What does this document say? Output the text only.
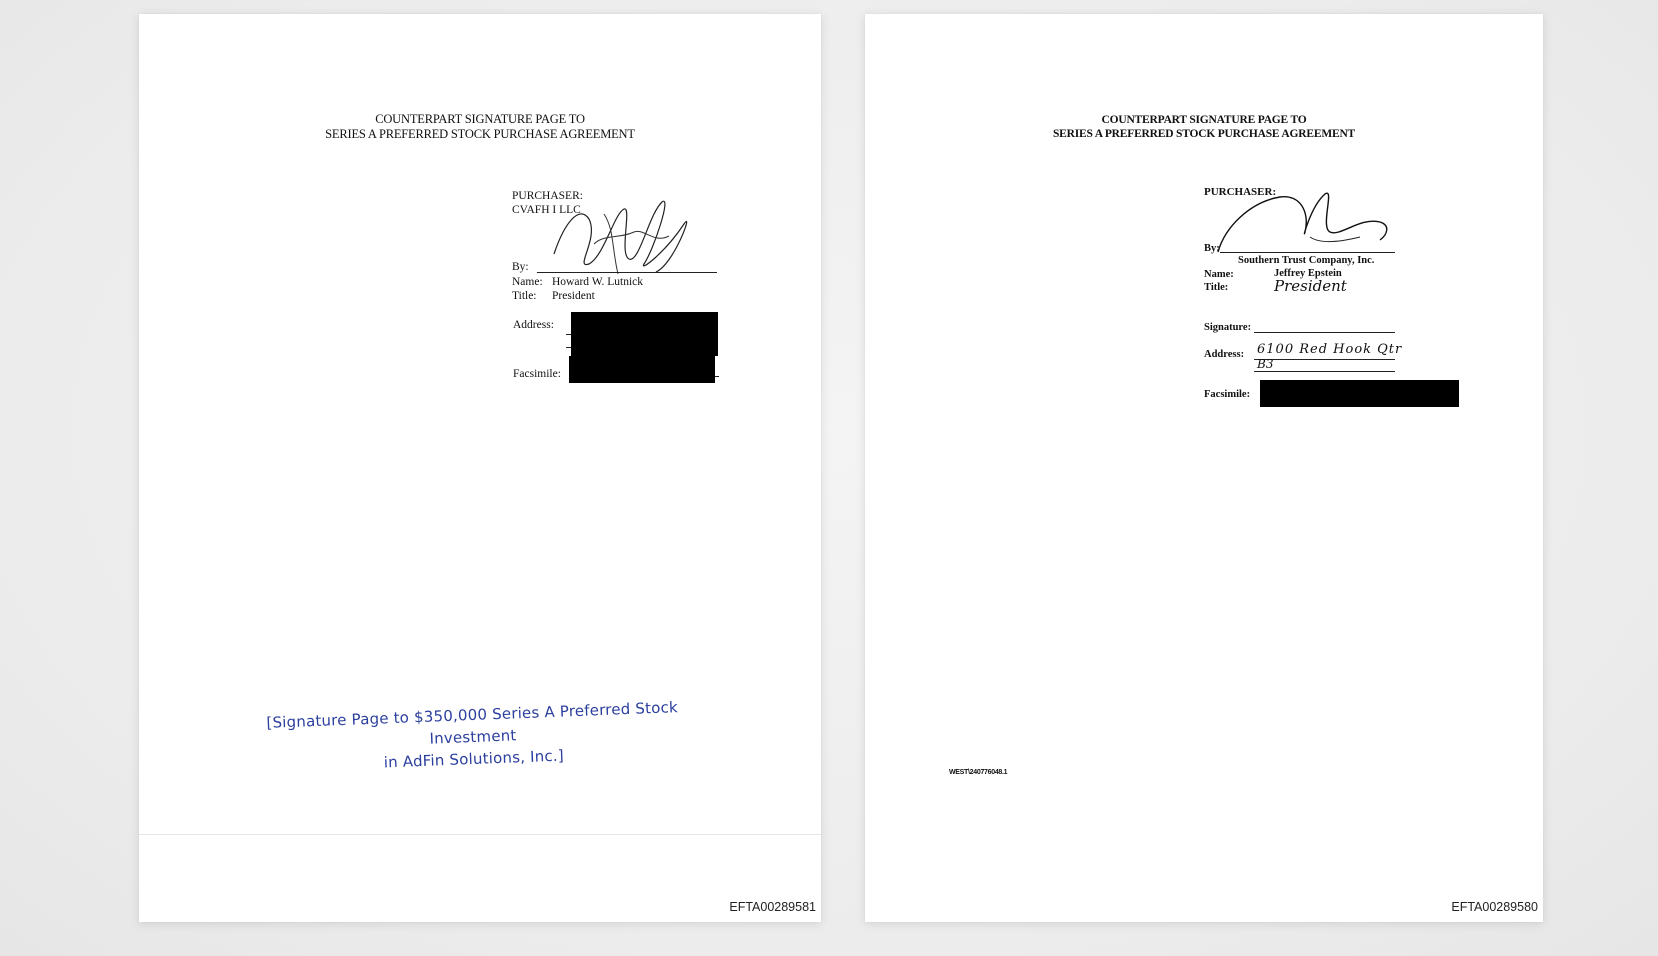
COUNTERPART SIGNATURE PAGE TO
SERIES A PREFERRED STOCK PURCHASE AGREEMENT
PURCHASER:
CVAFH I LLC
By:
Name: Howard W. Lutnick
Title: President
Address:
Facsimile:
[Signature Page to $350,000 Series A Preferred Stock Investment
in AdFin Solutions, Inc.]
EFTA00289581
COUNTERPART SIGNATURE PAGE TO
SERIES A PREFERRED STOCK PURCHASE AGREEMENT
PURCHASER:
By:
Southern Trust Company, Inc.
Name:	Jeffrey Epstein
Title:	President
Signature:
Address: 6100 Red Hook Qtr
B3
Facsimile:
WEST\240776048.1
EFTA00289580
